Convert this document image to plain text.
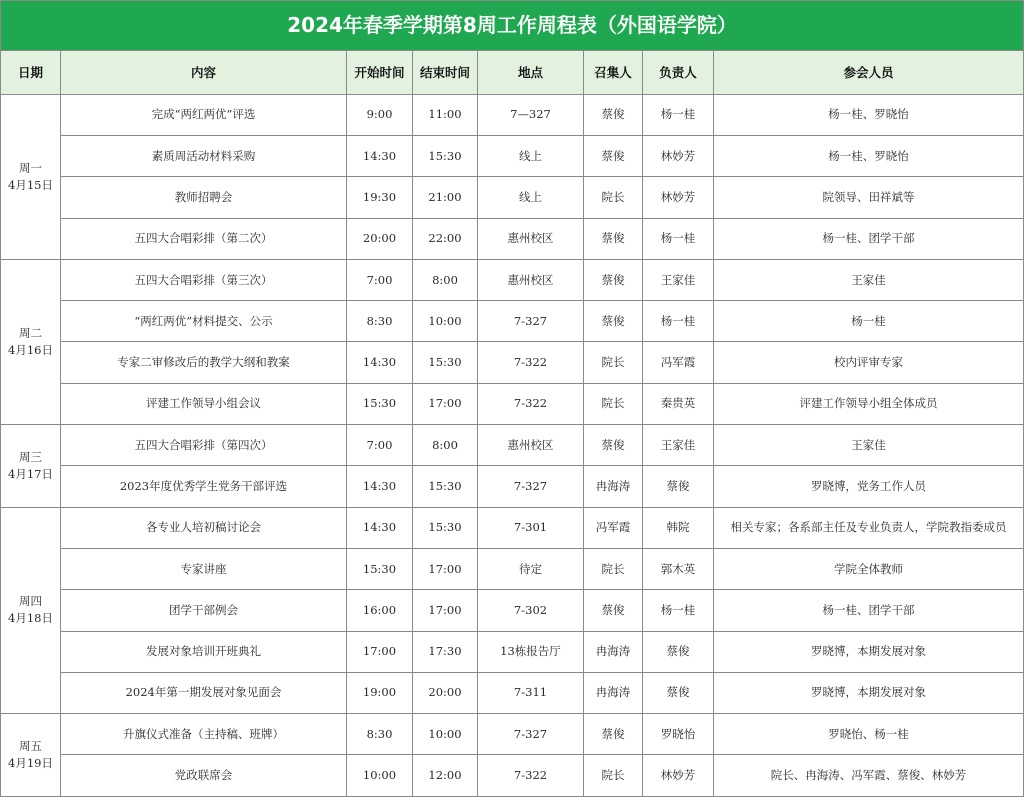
2024年春季学期第8周工作周程表（外国语学院）							
日期	内容	开始时间	结束时间	地点	召集人	负责人	参会人员

周一
4月15日	完成“两红两优”评选	9:00	11:00	7—327	蔡俊	杨一桂	杨一桂、罗晓怡
	素质周活动材料采购	14:30	15:30	线上	蔡俊	林妙芳	杨一桂、罗晓怡
	教师招聘会	19:30	21:00	线上	院长	林妙芳	院领导、田祥斌等
	五四大合唱彩排（第二次）	20:00	22:00	惠州校区	蔡俊	杨一桂	杨一桂、团学干部

周二
4月16日	五四大合唱彩排（第三次）	7:00	8:00	惠州校区	蔡俊	王家佳	王家佳
	“两红两优”材料提交、公示	8:30	10:00	7-327	蔡俊	杨一桂	杨一桂
	专家二审修改后的教学大纲和教案	14:30	15:30	7-322	院长	冯军霞	校内评审专家
	评建工作领导小组会议	15:30	17:00	7-322	院长	秦贵英	评建工作领导小组全体成员

周三
4月17日	五四大合唱彩排（第四次）	7:00	8:00	惠州校区	蔡俊	王家佳	王家佳
	2023年度优秀学生党务干部评选	14:30	15:30	7-327	冉海涛	蔡俊	罗晓博，党务工作人员

周四
4月18日	各专业人培初稿讨论会	14:30	15:30	7-301	冯军霞	韩院	相关专家；各系部主任及专业负责人，学院教指委成员
	专家讲座	15:30	17:00	待定	院长	郭木英	学院全体教师
	团学干部例会	16:00	17:00	7-302	蔡俊	杨一桂	杨一桂、团学干部
	发展对象培训开班典礼	17:00	17:30	13栋报告厅	冉海涛	蔡俊	罗晓博，本期发展对象
	2024年第一期发展对象见面会	19:00	20:00	7-311	冉海涛	蔡俊	罗晓博，本期发展对象

周五
4月19日	升旗仪式准备（主持稿、班牌）	8:30	10:00	7-327	蔡俊	罗晓怡	罗晓怡、杨一桂
	党政联席会	10:00	12:00	7-322	院长	林妙芳	院长、冉海涛、冯军霞、蔡俊、林妙芳
